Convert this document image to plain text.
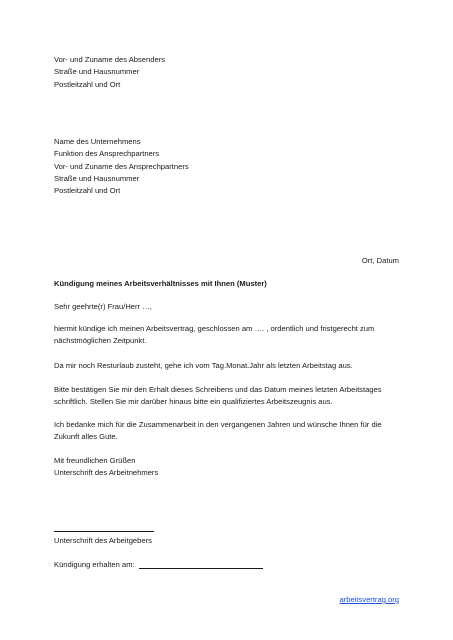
Vor- und Zuname des Absenders
Straße und Hausnummer
Postleitzahl und Ort
Name des Unternehmens
Funktion des Ansprechpartners
Vor- und Zuname des Ansprechpartners
Straße und Hausnummer
Postleitzahl und Ort
Ort, Datum
Kündigung meines Arbeitsverhältnisses mit Ihnen (Muster)
Sehr geehrte(r) Frau/Herr …,
hiermit kündige ich meinen Arbeitsvertrag, geschlossen am …. , ordentlich und fristgerecht zum
nächstmöglichen Zeitpunkt.
Da mir noch Resturlaub zusteht, gehe ich vom Tag.Monat.Jahr als letzten Arbeitstag aus.
Bitte bestätigen Sie mir den Erhalt dieses Schreibens und das Datum meines letzten Arbeitstages
schriftlich. Stellen Sie mir darüber hinaus bitte ein qualifiziertes Arbeitszeugnis aus.
Ich bedanke mich für die Zusammenarbeit in den vergangenen Jahren und wünsche Ihnen für die
Zukunft alles Gute.
Mit freundlichen Grüßen
Unterschrift des Arbeitnehmers
Unterschrift des Arbeitgebers
Kündigung erhalten am:
arbeitsvertrag.org
